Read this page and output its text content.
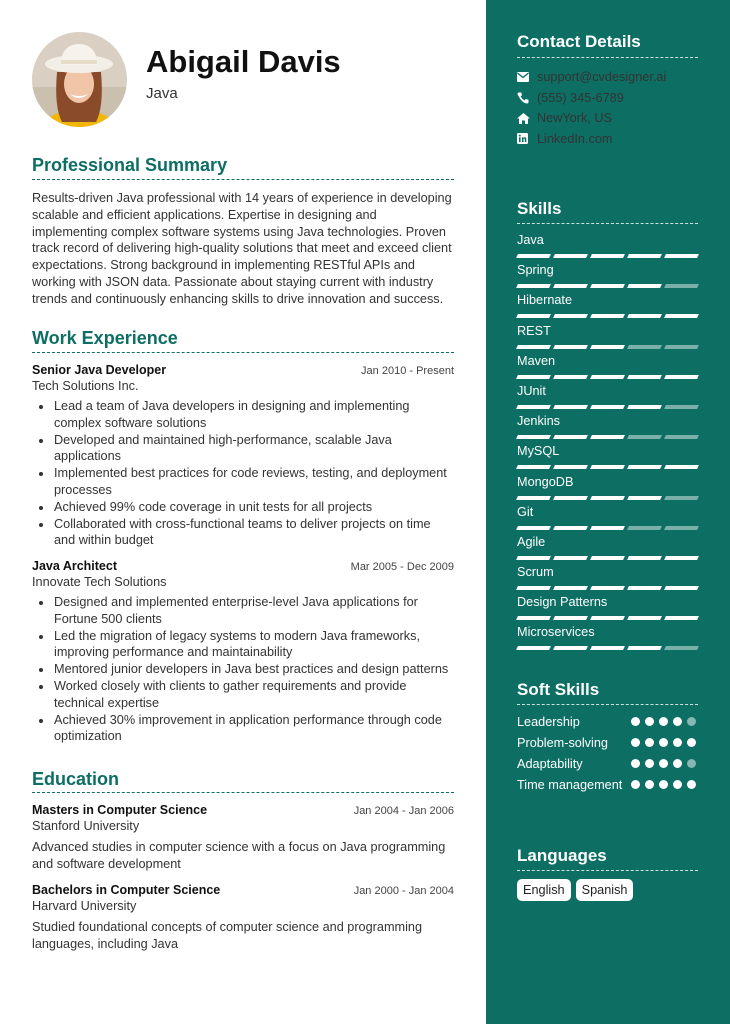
Abigail Davis
Java
Professional Summary

Results-driven Java professional with 14 years of experience in developing scalable and efficient applications. Expertise in designing and implementing complex software systems using Java technologies. Proven track record of delivering high-quality solutions that meet and exceed client expectations. Strong background in implementing RESTful APIs and working with JSON data. Passionate about staying current with industry trends and continuously enhancing skills to drive innovation and success.

Work Experience
Senior Java Developer	Jan 2010 - Present
Tech Solutions Inc.
Lead a team of Java developers in designing and implementing complex software solutions
Developed and maintained high-performance, scalable Java applications
Implemented best practices for code reviews, testing, and deployment processes
Achieved 99% code coverage in unit tests for all projects
Collaborated with cross-functional teams to deliver projects on time and within budget
Java Architect	Mar 2005 - Dec 2009
Innovate Tech Solutions
Designed and implemented enterprise-level Java applications for Fortune 500 clients
Led the migration of legacy systems to modern Java frameworks, improving performance and maintainability
Mentored junior developers in Java best practices and design patterns
Worked closely with clients to gather requirements and provide technical expertise
Achieved 30% improvement in application performance through code optimization
Education
Masters in Computer Science	Jan 2004 - Jan 2006
Stanford University
Advanced studies in computer science with a focus on Java programming and software development
Bachelors in Computer Science	Jan 2000 - Jan 2004
Harvard University
Studied foundational concepts of computer science and programming languages, including Java
Contact Details
support@cvdesigner.ai
(555) 345-6789
NewYork, US
LinkedIn.com
Skills
Java
Spring
Hibernate
REST
Maven
JUnit
Jenkins
MySQL
MongoDB
Git
Agile
Scrum
Design Patterns
Microservices
Soft Skills
Leadership
Problem-solving
Adaptability
Time management
Languages
English	Spanish
